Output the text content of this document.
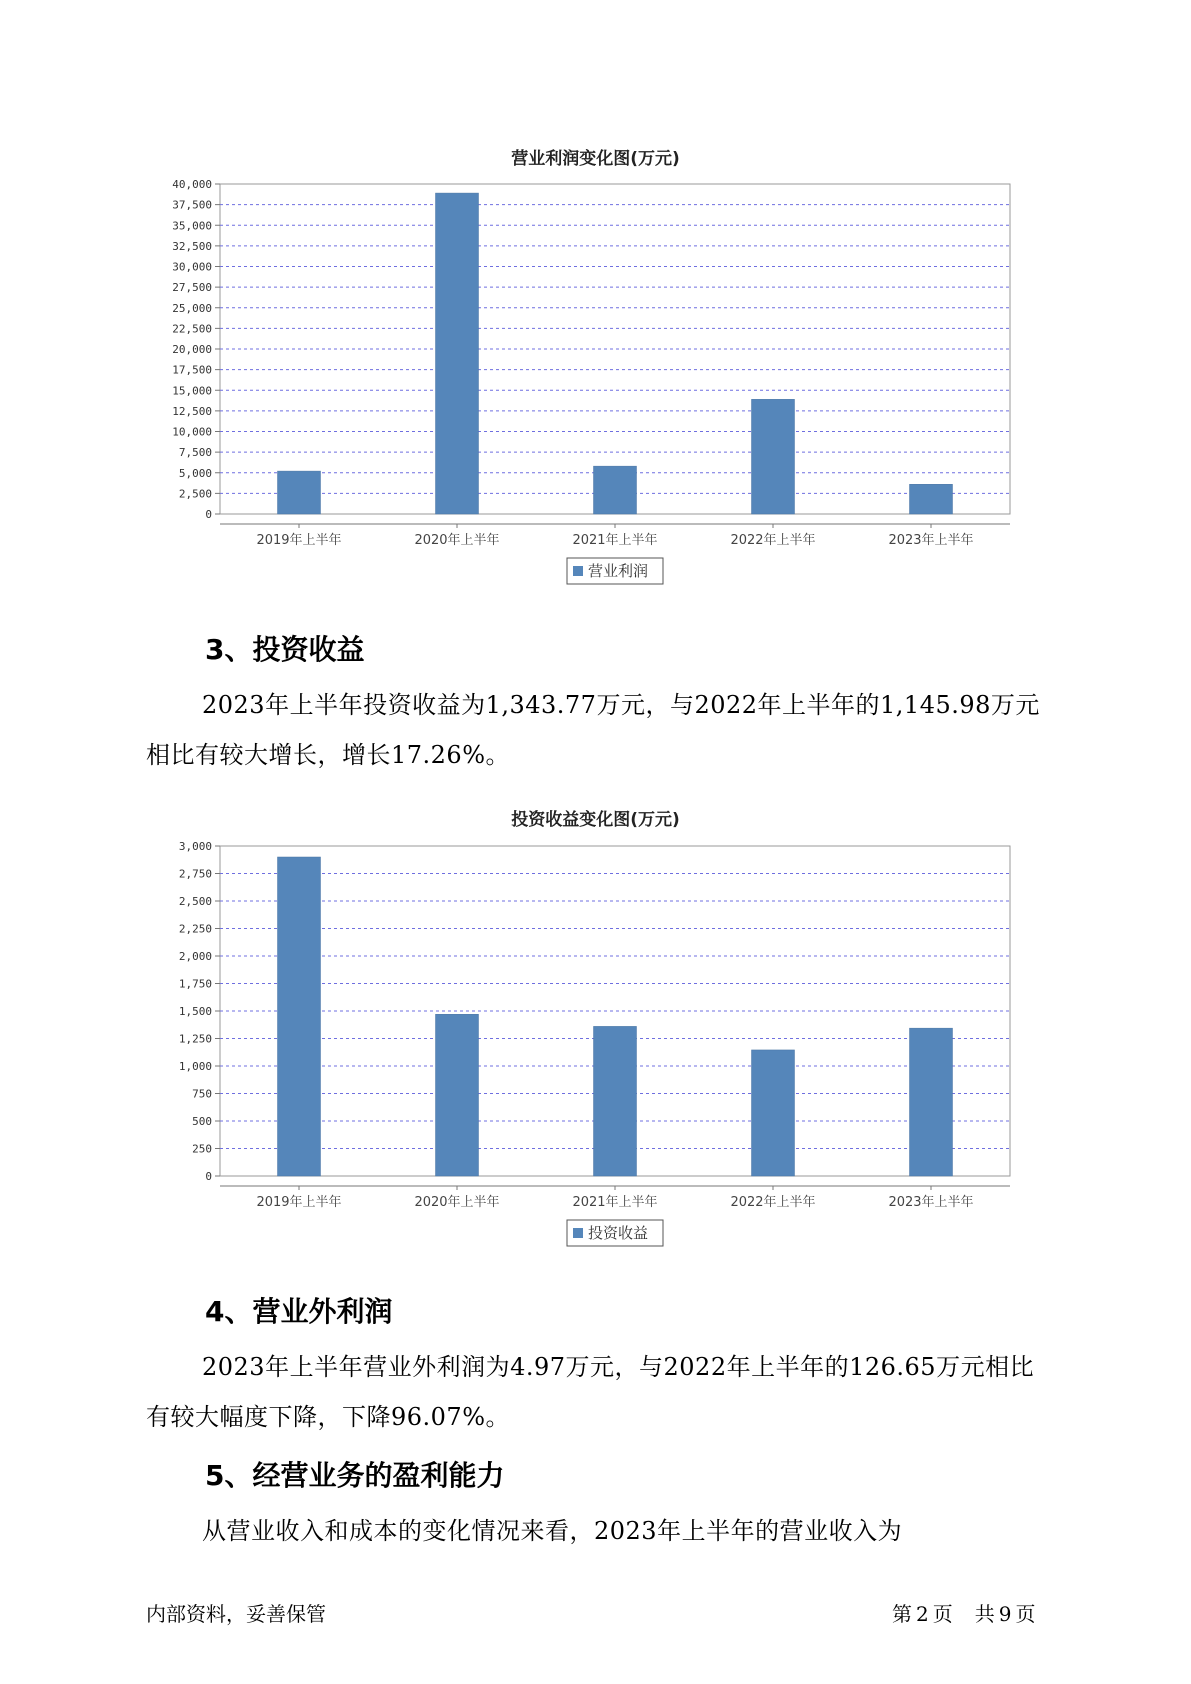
营业利润变化图(万元)
0
2,500
5,000
7,500
10,000
12,500
15,000
17,500
20,000
22,500
25,000
27,500
30,000
32,500
35,000
37,500
40,000
2019年上半年	2020年上半年	2021年上半年	2022年上半年	2023年上半年
营业利润
3、投资收益

2023年上半年投资收益为1,343.77万元，与2022年上半年的1,145.98万元相比有较大增长，增长17.26%。

投资收益变化图(万元)
0
250
500
750
1,000
1,250
1,500
1,750
2,000
2,250
2,500
2,750
3,000
2019年上半年	2020年上半年	2021年上半年	2022年上半年	2023年上半年
投资收益
4、营业外利润

2023年上半年营业外利润为4.97万元，与2022年上半年的126.65万元相比有较大幅度下降，下降96.07%。

5、经营业务的盈利能力

从营业收入和成本的变化情况来看，2023年上半年的营业收入为

内部资料，妥善保管	第 2 页 共 9 页
